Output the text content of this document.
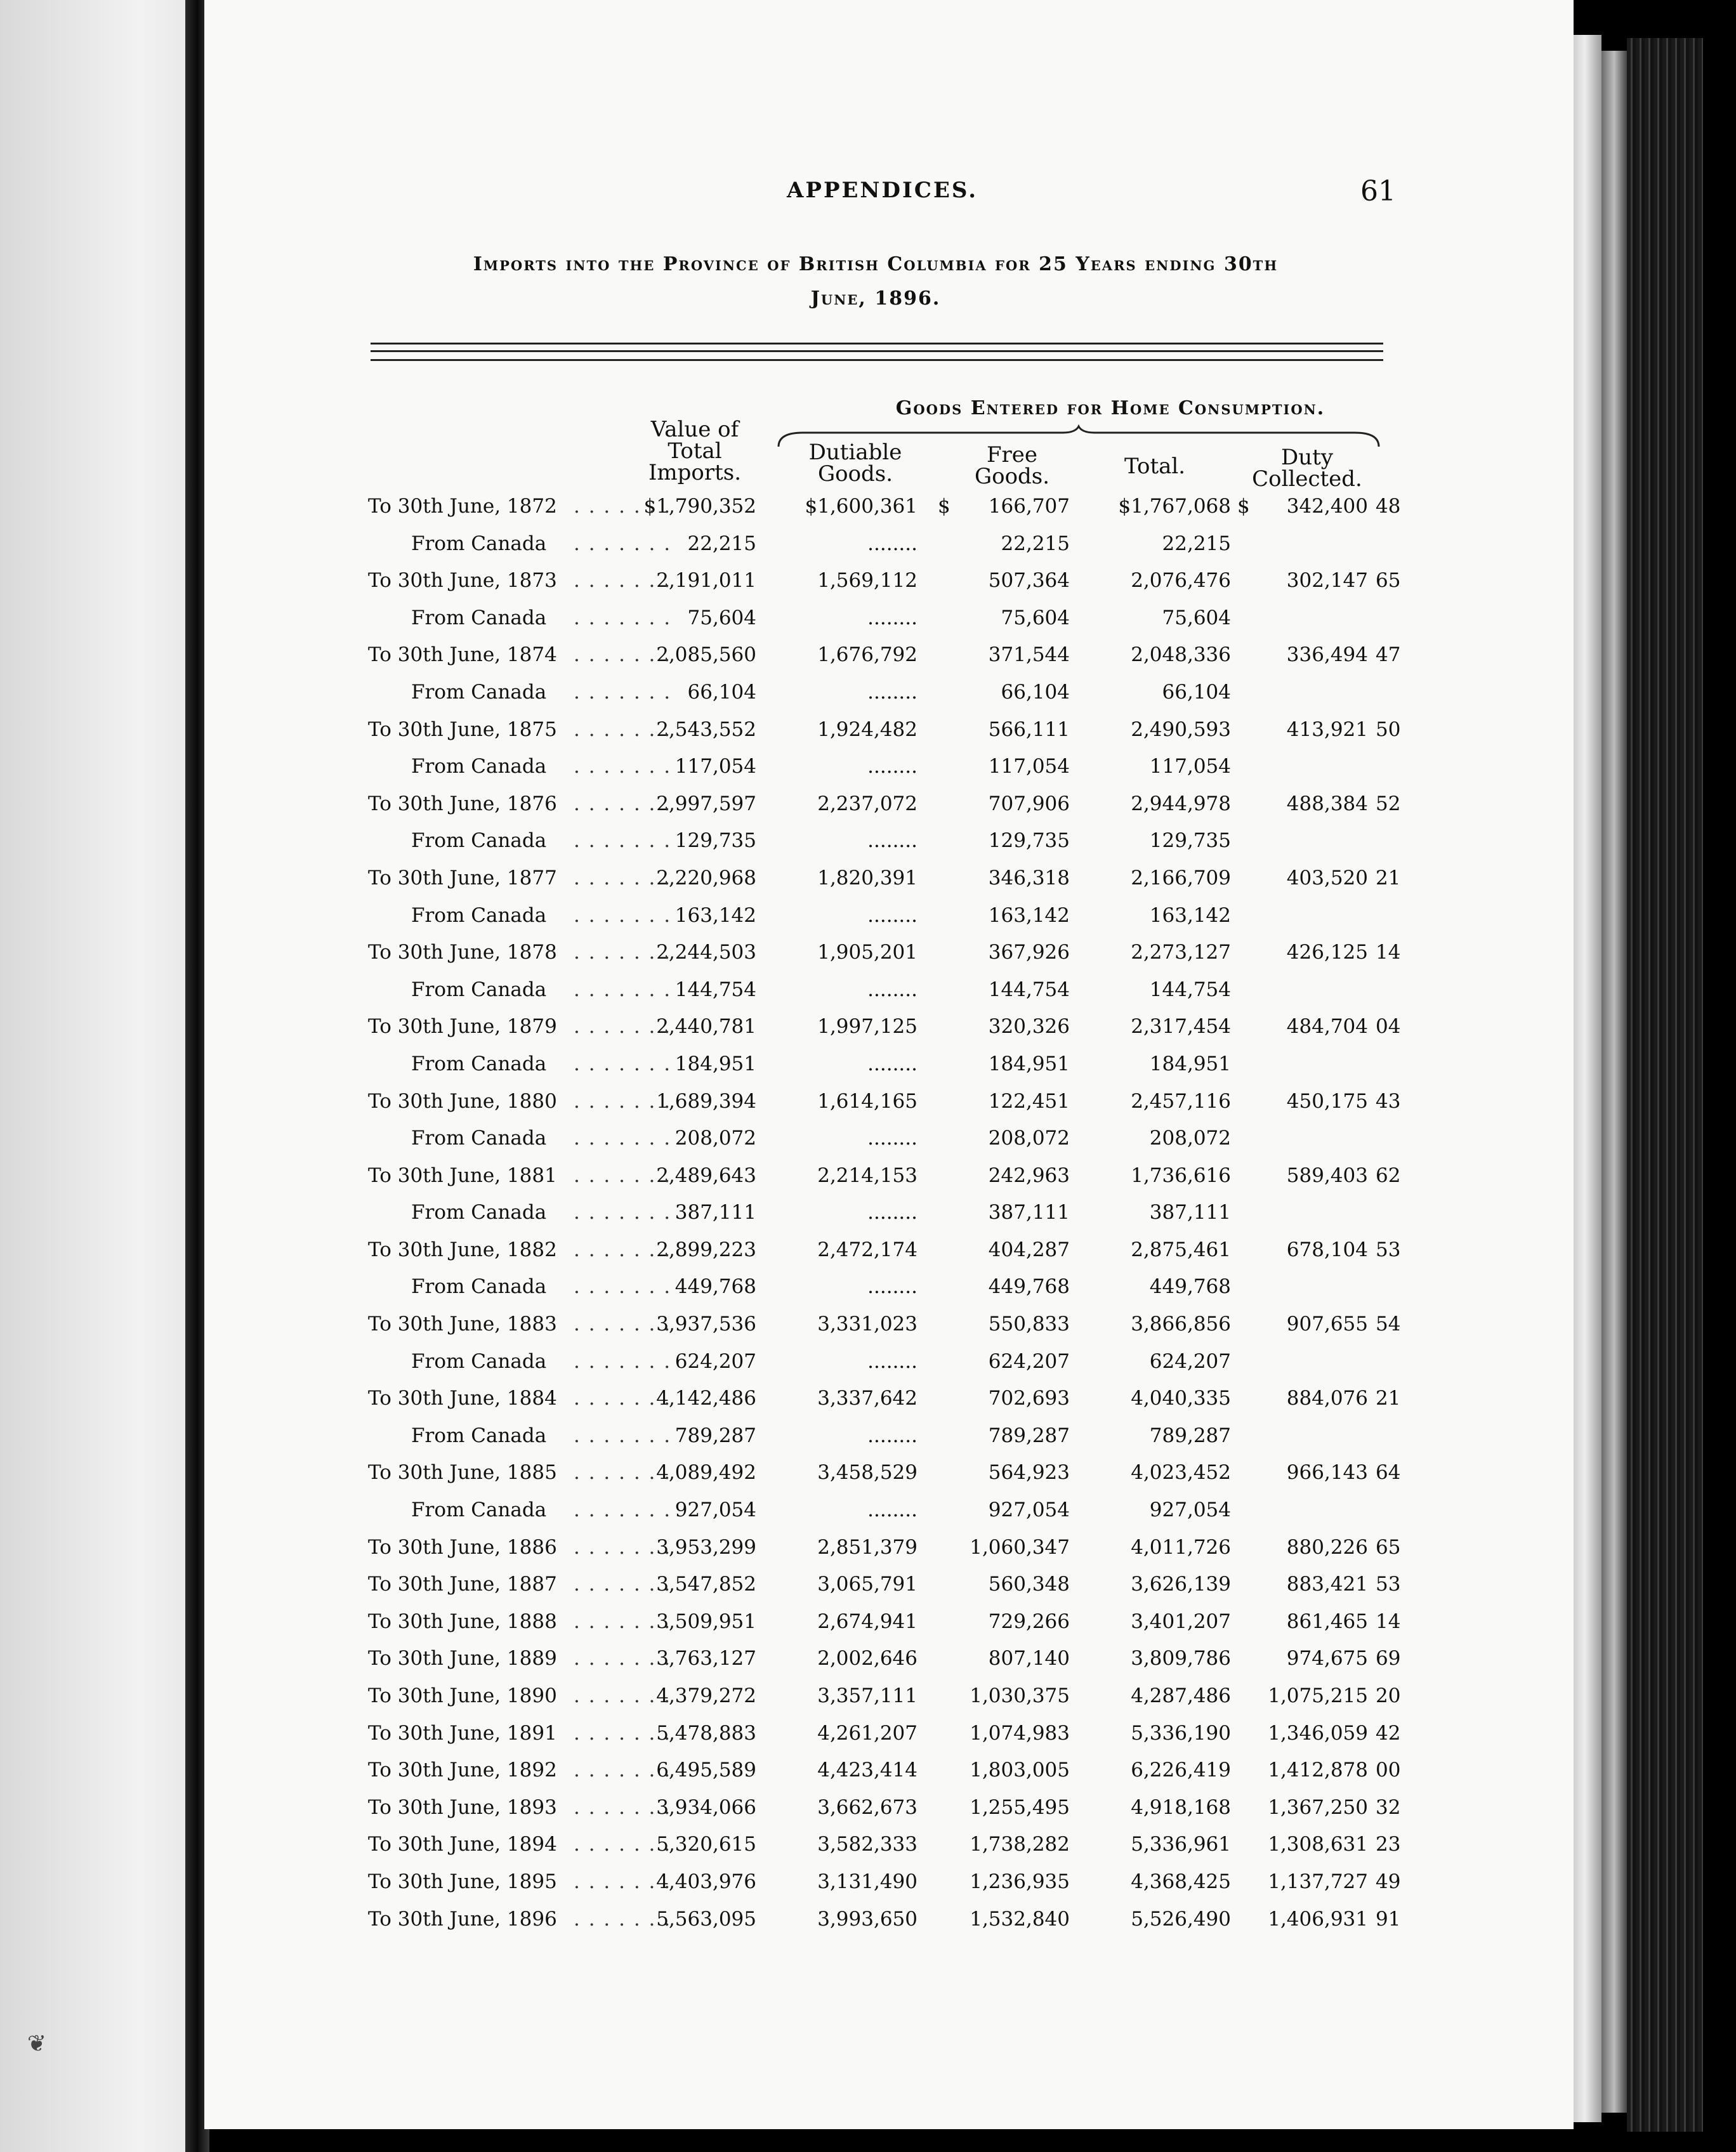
❦
APPENDICES.	61
Imports into the Province of British Columbia for 25 Years ending 30th
June, 1896.
Goods Entered for Home Consumption.
Value of
Total
Imports.
Dutiable
Goods.
Free
Goods.	Total.	Duty
Collected.
To 30th June, 1872	$1,790,352	$1,600,361 $	166,707	$1,767,068 $	342,400 48
. . . . . . .
From Canada	22,215	........	22,215	22,215
. . . . . . .
To 30th June, 1873	2,191,011	1,569,112	507,364	2,076,476	302,147 65
. . . . . . .
From Canada	75,604	........	75,604	75,604
. . . . . . .
To 30th June, 1874	2,085,560	1,676,792	371,544	2,048,336	336,494 47
. . . . . . .
From Canada	66,104	........	66,104	66,104
. . . . . . .
To 30th June, 1875	2,543,552	1,924,482	566,111	2,490,593	413,921 50
. . . . . . .
From Canada	117,054	........	117,054	117,054
. . . . . . .
To 30th June, 1876	2,997,597	2,237,072	707,906	2,944,978	488,384 52
. . . . . . .
From Canada	129,735	........	129,735	129,735
. . . . . . .
To 30th June, 1877	2,220,968	1,820,391	346,318	2,166,709	403,520 21
. . . . . . .
From Canada	163,142	........	163,142	163,142
. . . . . . .
To 30th June, 1878	2,244,503	1,905,201	367,926	2,273,127	426,125 14
. . . . . . .
From Canada	144,754	........	144,754	144,754
. . . . . . .
To 30th June, 1879	2,440,781	1,997,125	320,326	2,317,454	484,704 04
. . . . . . .
From Canada	184,951	........	184,951	184,951
. . . . . . .
To 30th June, 1880	1,689,394	1,614,165	122,451	2,457,116	450,175 43
. . . . . . .
From Canada	208,072	........	208,072	208,072
. . . . . . .
To 30th June, 1881	2,489,643	2,214,153	242,963	1,736,616	589,403 62
. . . . . . .
From Canada	387,111	........	387,111	387,111
. . . . . . .
To 30th June, 1882	2,899,223	2,472,174	404,287	2,875,461	678,104 53
. . . . . . .
From Canada	449,768	........	449,768	449,768
. . . . . . .
To 30th June, 1883	3,937,536	3,331,023	550,833	3,866,856	907,655 54
. . . . . . .
From Canada	624,207	........	624,207	624,207
. . . . . . .
To 30th June, 1884	4,142,486	3,337,642	702,693	4,040,335	884,076 21
. . . . . . .
From Canada	789,287	........	789,287	789,287
. . . . . . .
To 30th June, 1885	4,089,492	3,458,529	564,923	4,023,452	966,143 64
. . . . . . .
From Canada	927,054	........	927,054	927,054
. . . . . . .
To 30th June, 1886	3,953,299	2,851,379	1,060,347	4,011,726	880,226 65
. . . . . . .
To 30th June, 1887	3,547,852	3,065,791	560,348	3,626,139	883,421 53
. . . . . . .
To 30th June, 1888	3,509,951	2,674,941	729,266	3,401,207	861,465 14
. . . . . . .
To 30th June, 1889	3,763,127	2,002,646	807,140	3,809,786	974,675 69
. . . . . . .
To 30th June, 1890	4,379,272	3,357,111	1,030,375	4,287,486	1,075,215 20
. . . . . . .
To 30th June, 1891	5,478,883	4,261,207	1,074,983	5,336,190	1,346,059 42
. . . . . . .
To 30th June, 1892	6,495,589	4,423,414	1,803,005	6,226,419	1,412,878 00
. . . . . . .
To 30th June, 1893	3,934,066	3,662,673	1,255,495	4,918,168	1,367,250 32
. . . . . . .
To 30th June, 1894	5,320,615	3,582,333	1,738,282	5,336,961	1,308,631 23
. . . . . . .
To 30th June, 1895	4,403,976	3,131,490	1,236,935	4,368,425	1,137,727 49
. . . . . . .
To 30th June, 1896	5,563,095	3,993,650	1,532,840	5,526,490	1,406,931 91
. . . . . . .
